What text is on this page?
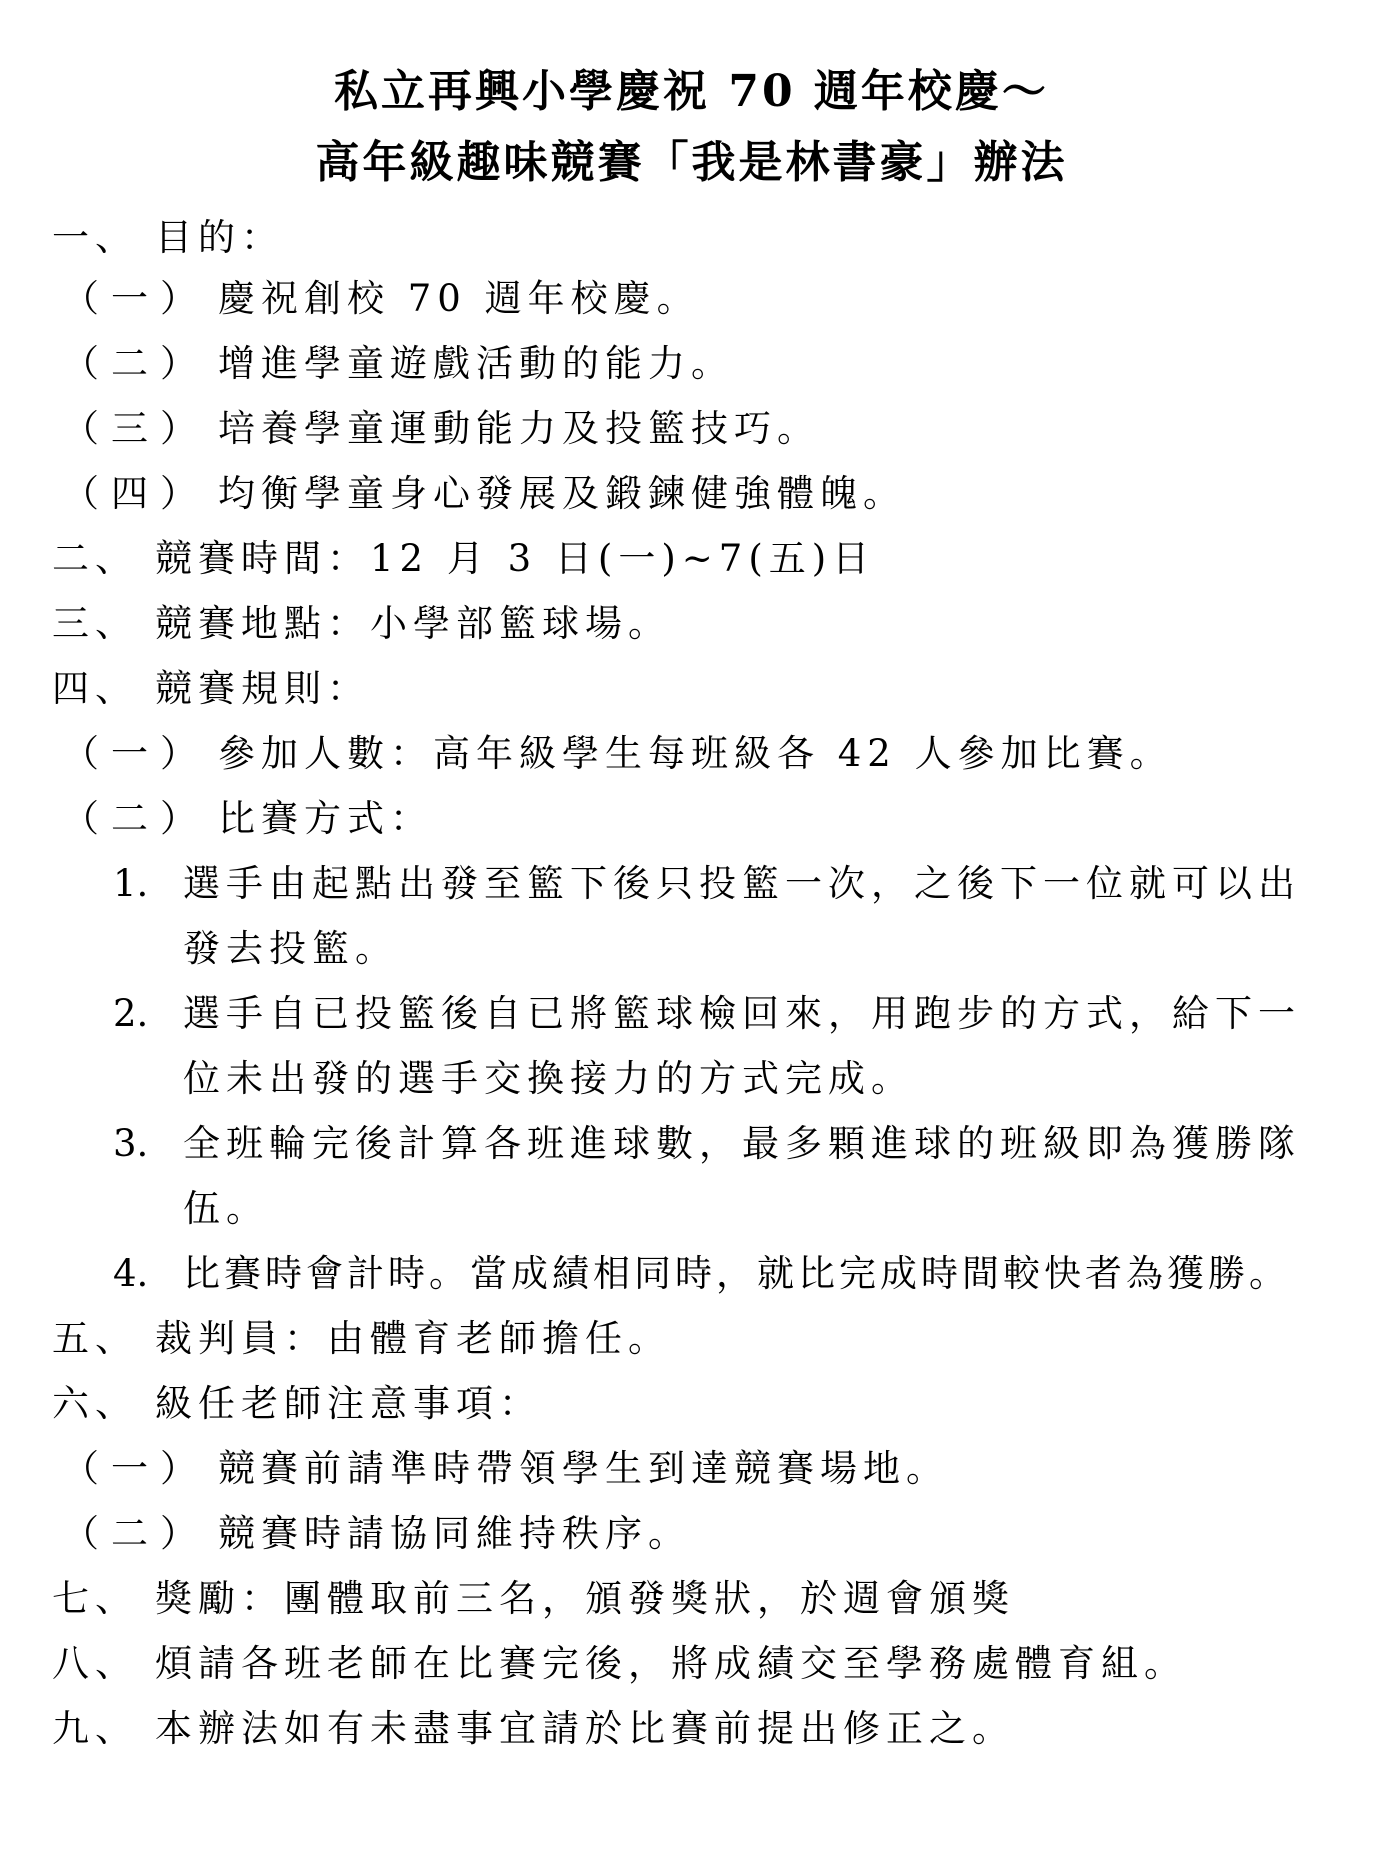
私立再興小學慶祝 70 週年校慶～
高年級趣味競賽「我是林書豪」辦法
一、 目的：
（一） 慶祝創校 70 週年校慶。
（二） 增進學童遊戲活動的能力。
（三） 培養學童運動能力及投籃技巧。
（四） 均衡學童身心發展及鍛鍊健強體魄。
二、 競賽時間：12 月 3 日(一)~7(五)日
三、 競賽地點：小學部籃球場。
四、 競賽規則：
（一） 參加人數：高年級學生每班級各 42 人參加比賽。
（二） 比賽方式：
1. 選手由起點出發至籃下後只投籃一次，之後下一位就可以出
發去投籃。
2. 選手自已投籃後自已將籃球檢回來，用跑步的方式，給下一
位未出發的選手交換接力的方式完成。
3. 全班輪完後計算各班進球數，最多顆進球的班級即為獲勝隊
伍。
4. 比賽時會計時。當成績相同時，就比完成時間較快者為獲勝。
五、 裁判員：由體育老師擔任。
六、 級任老師注意事項：
（一） 競賽前請準時帶領學生到達競賽場地。
（二） 競賽時請協同維持秩序。
七、 獎勵：團體取前三名，頒發獎狀，於週會頒獎
八、 煩請各班老師在比賽完後，將成績交至學務處體育組。
九、 本辦法如有未盡事宜請於比賽前提出修正之。
